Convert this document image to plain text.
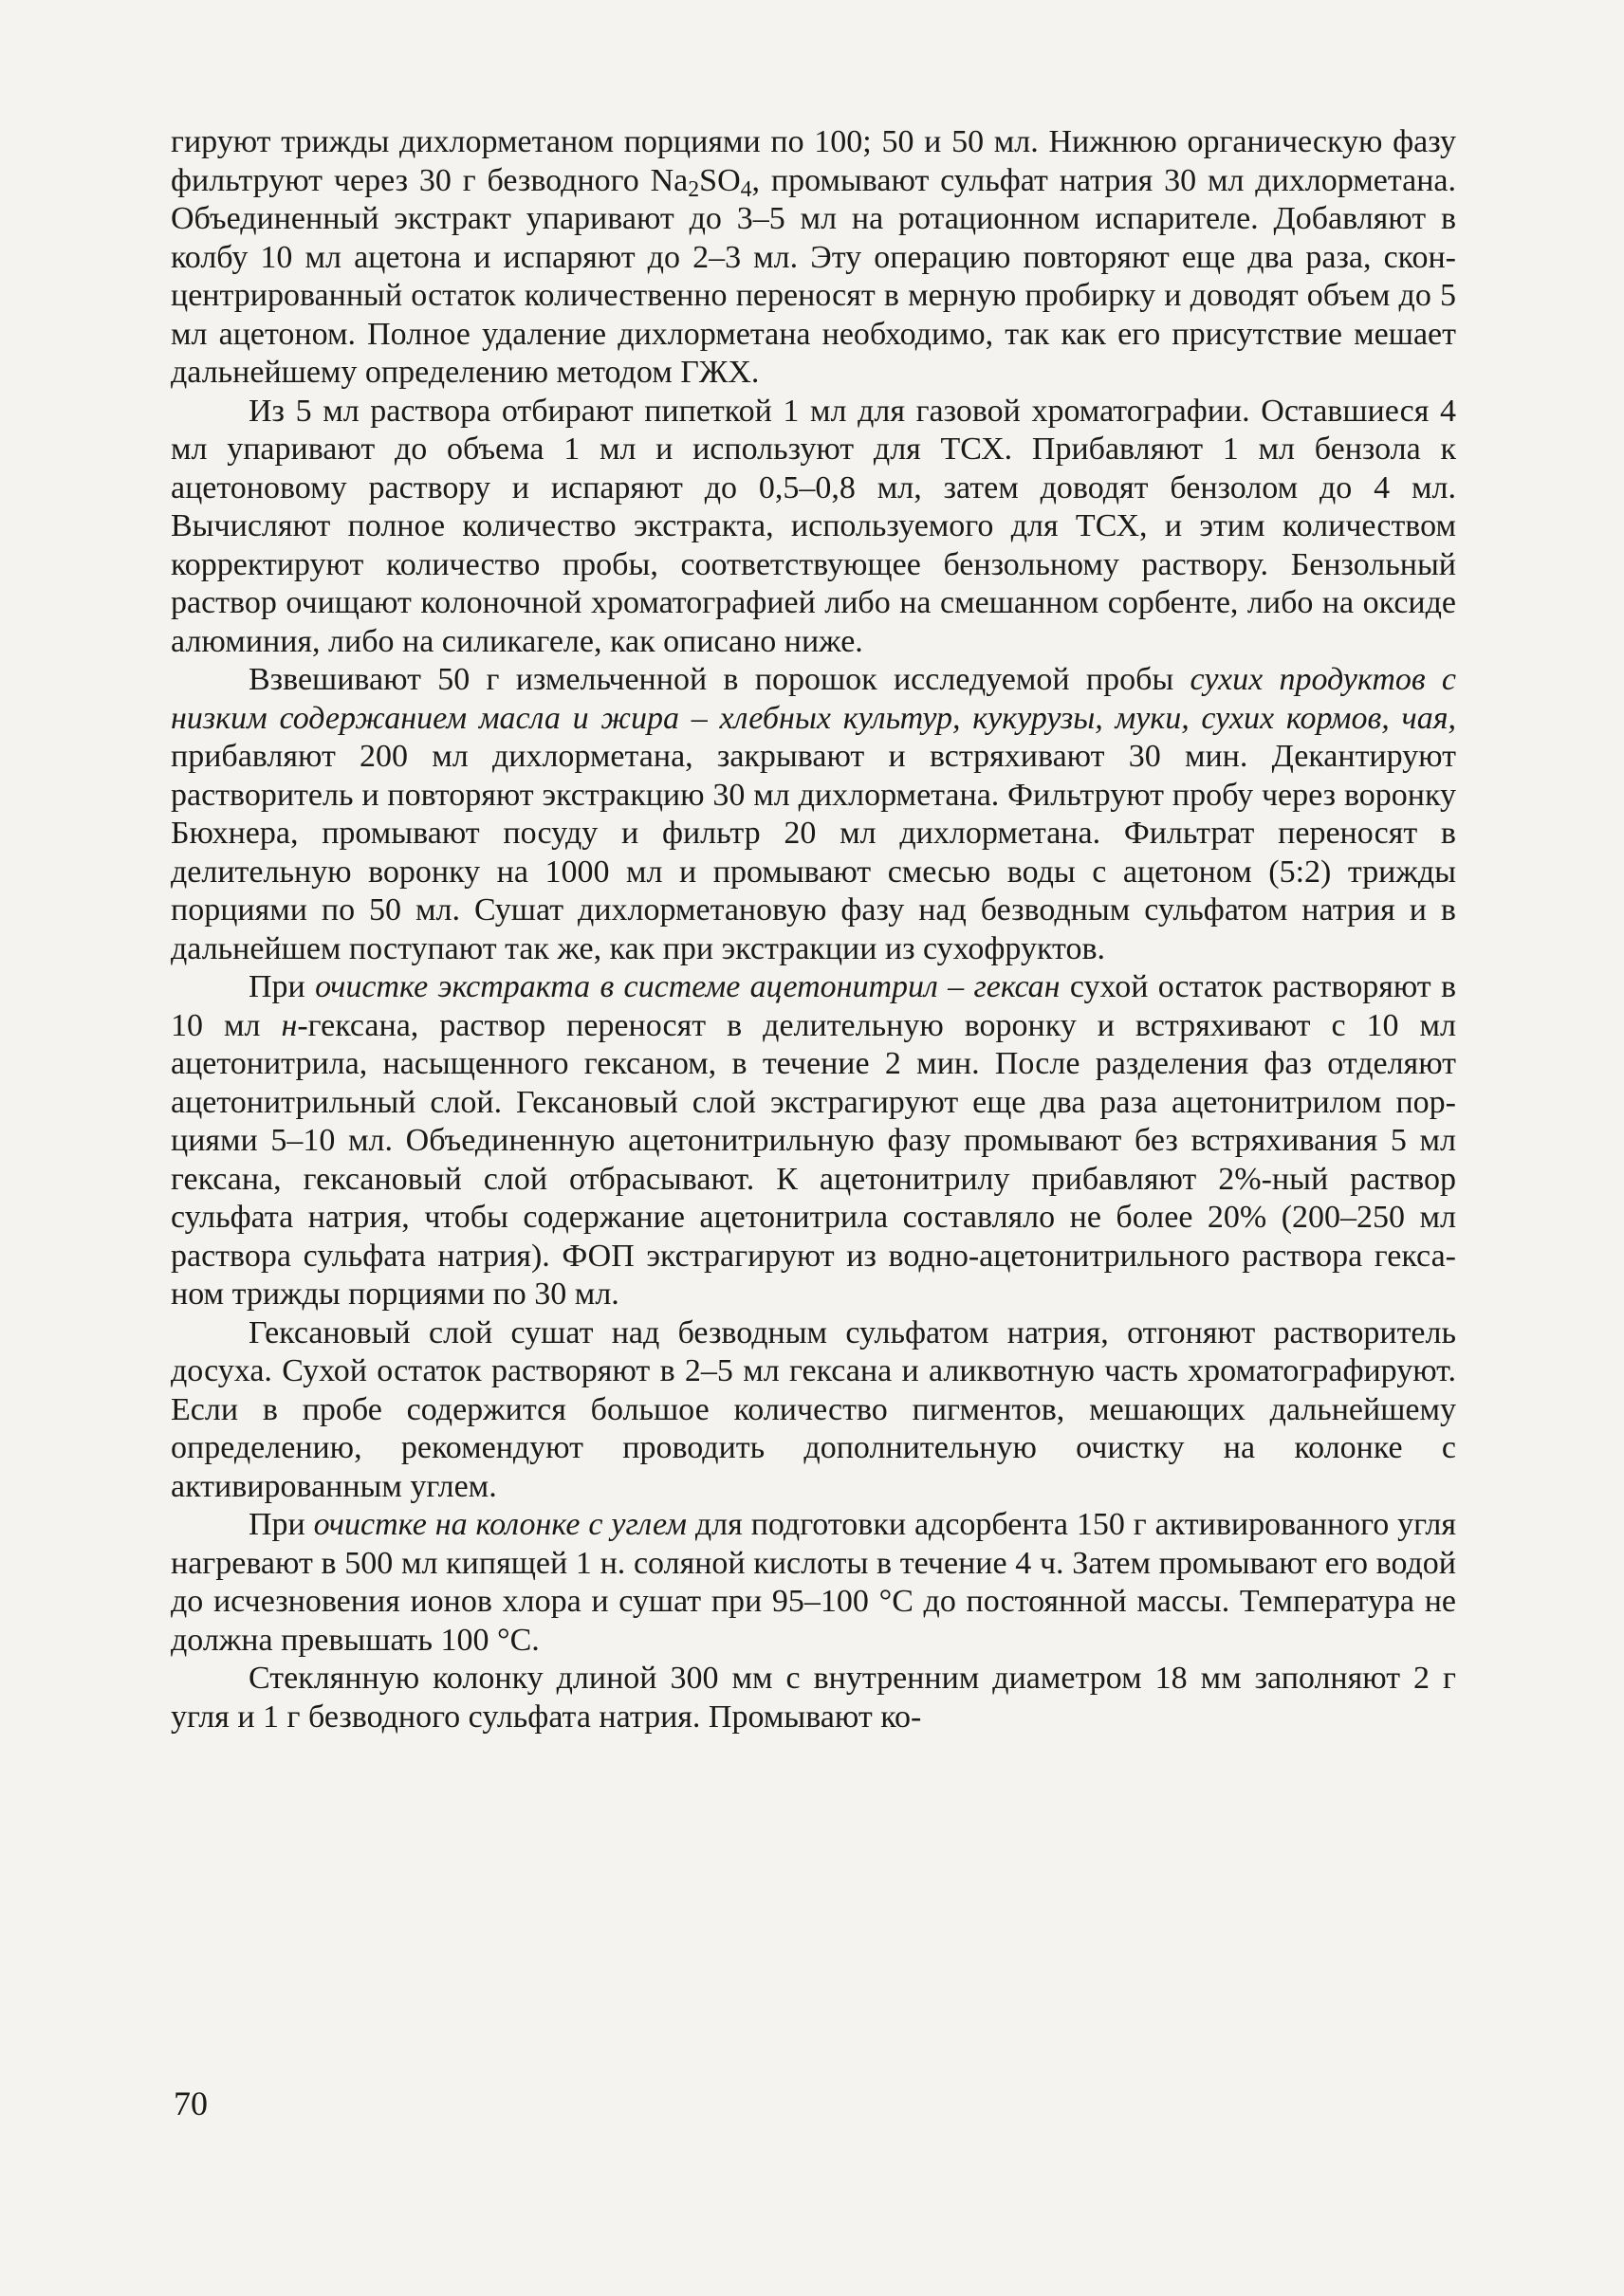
гируют трижды дихлорметаном порциями по 100; 50 и 50 мл. Нижнюю органическую фазу фильтруют через 30 г безводного $Na_2SO_4$, промывают сульфат натрия 30 мл дихлорметана. Объединенный экстракт упаривают до 3–5 мл на ротационном испарителе. Добавляют в колбу 10 мл ацетона и испаряют до 2–3 мл. Эту операцию повторяют еще два раза, сконцентрированный остаток количественно переносят в мерную пробирку и доводят объем до 5 мл ацетоном. Полное удаление дихлорметана необходимо, так как его присутствие мешает дальнейшему определению методом ГЖХ.

Из 5 мл раствора отбирают пипеткой 1 мл для газовой хроматографии. Оставшиеся 4 мл упаривают до объема 1 мл и используют для ТСХ. Прибавляют 1 мл бензола к ацетоновому раствору и испаряют до 0,5–0,8 мл, затем доводят бензолом до 4 мл. Вычисляют полное количество экстракта, используемого для ТСХ, и этим количеством корректируют количество пробы, соответствующее бензольному раствору. Бензольный раствор очищают колоночной хроматографией либо на смешанном сорбенте, либо на оксиде алюминия, либо на силикагеле, как описано ниже.

Взвешивают 50 г измельченной в порошок исследуемой пробы сухих продуктов с низким содержанием масла и жира – хлебных культур, кукурузы, муки, сухих кормов, чая, прибавляют 200 мл дихлорметана, закрывают и встряхивают 30 мин. Декантируют растворитель и повторяют экстракцию 30 мл дихлорметана. Фильтруют пробу через воронку Бюхнера, промывают посуду и фильтр 20 мл дихлорметана. Фильтрат переносят в делительную воронку на 1000 мл и промывают смесью воды с ацетоном (5:2) трижды порциями по 50 мл. Сушат дихлорметановую фазу над безводным сульфатом натрия и в дальнейшем поступают так же, как при экстракции из сухофруктов.

При очистке экстракта в системе ацетонитрил – гексан сухой остаток растворяют в 10 мл н-гексана, раствор переносят в делительную воронку и встряхивают с 10 мл ацетонитрила, насыщенного гексаном, в течение 2 мин. После разделения фаз отделяют ацетонитрильный слой. Гексановый слой экстрагируют еще два раза ацетонитрилом порциями 5–10 мл. Объединенную ацетонитрильную фазу промывают без встряхивания 5 мл гексана, гексановый слой отбрасывают. К ацетонитрилу прибавляют 2%-ный раствор сульфата натрия, чтобы содержание ацетонитрила составляло не более 20% (200–250 мл раствора сульфата натрия). ФОП экстрагируют из водно-ацетонитрильного раствора гексаном трижды порциями по 30 мл.

Гексановый слой сушат над безводным сульфатом натрия, отгоняют растворитель досуха. Сухой остаток растворяют в 2–5 мл гексана и аликвотную часть хроматографируют. Если в пробе содержится большое количество пигментов, мешающих дальнейшему определению, рекомендуют проводить дополнительную очистку на колонке с активированным углем.

При очистке на колонке с углем для подготовки адсорбента 150 г активированного угля нагревают в 500 мл кипящей 1 н. соляной кислоты в течение 4 ч. Затем промывают его водой до исчезновения ионов хлора и сушат при 95–100 °С до постоянной массы. Температура не должна превышать 100 °С.

Стеклянную колонку длиной 300 мм с внутренним диаметром 18 мм заполняют 2 г угля и 1 г безводного сульфата натрия. Промывают ко-

70
